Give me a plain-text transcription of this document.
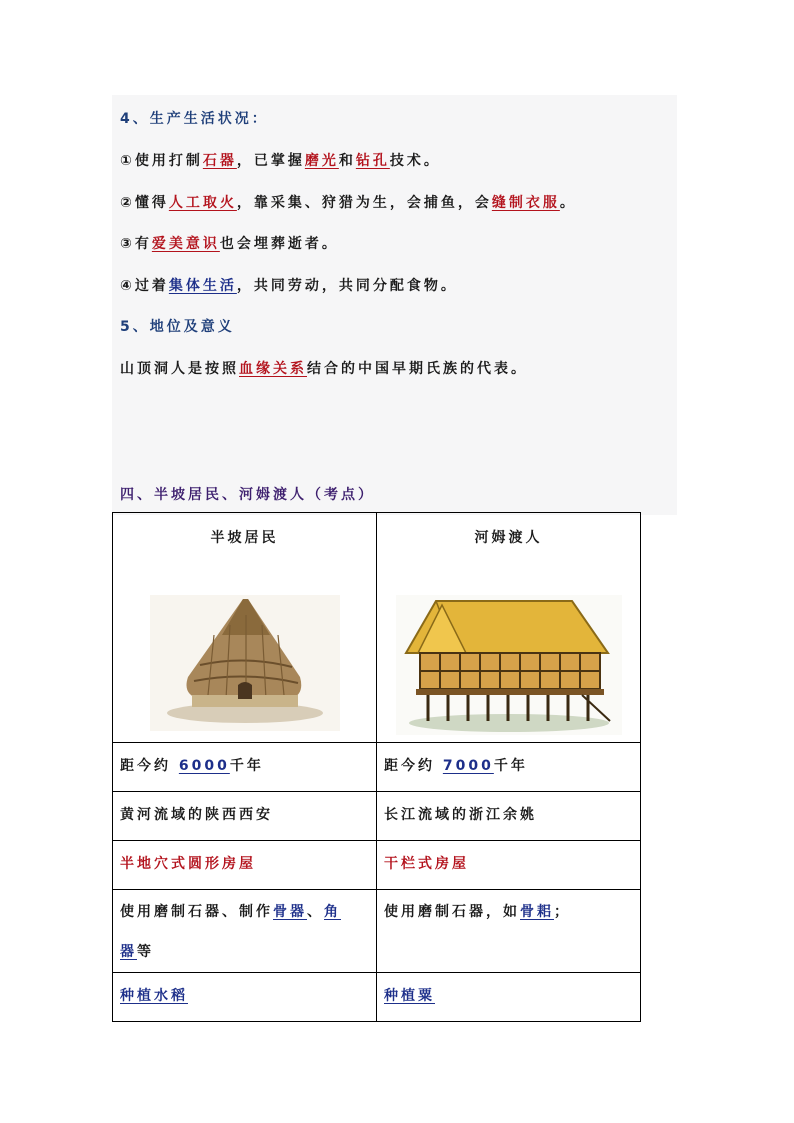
4、生产生活状况：
①使用打制石器，已掌握磨光和钻孔技术。
②懂得人工取火，靠采集、狩猎为生，会捕鱼，会缝制衣服。
③有爱美意识也会埋葬逝者。
④过着集体生活，共同劳动，共同分配食物。
5、地位及意义
山顶洞人是按照血缘关系结合的中国早期氏族的代表。
四、半坡居民、河姆渡人（考点）
半坡居民	河姆渡人

距今约 6000千年	距今约 7000千年
黄河流域的陕西西安	长江流域的浙江余姚
半地穴式圆形房屋	干栏式房屋
使用磨制石器、制作骨器、角
器等	使用磨制石器，如骨耜；
种植水稻	种植粟
